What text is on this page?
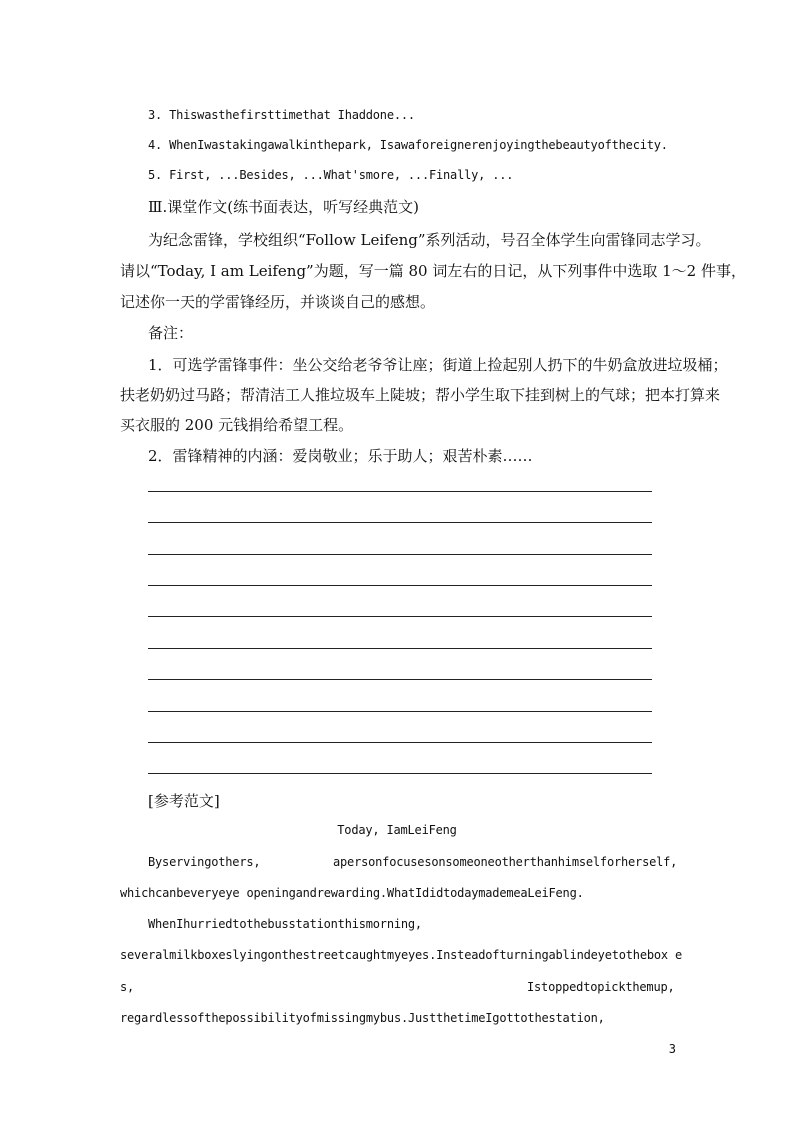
3. Thiswasthefirsttimethat Ihaddone...
4. WhenIwastakingawalkinthepark, Isawaforeignerenjoyingthebeautyofthecity.
5. First, ...Besides, ...What'smore, ...Finally, ...
Ⅲ.课堂作文(练书面表达，听写经典范文)
为纪念雷锋，学校组织“Follow Leifeng”系列活动，号召全体学生向雷锋同志学习。
请以“Today, I am Leifeng”为题，写一篇 80 词左右的日记，从下列事件中选取 1～2 件事，
记述你一天的学雷锋经历，并谈谈自己的感想。
备注：
1．可选学雷锋事件：坐公交给老爷爷让座；街道上捡起别人扔下的牛奶盒放进垃圾桶；
扶老奶奶过马路；帮清洁工人推垃圾车上陡坡；帮小学生取下挂到树上的气球；把本打算来
买衣服的 200 元钱捐给希望工程。
2．雷锋精神的内涵：爱岗敬业；乐于助人；艰苦朴素……
[参考范文]
Today, IamLeiFeng
Byservingothers,	apersonfocusesonsomeoneotherthanhimselforherself,
whichcanbeveryeye openingandrewarding.WhatIdidtodaymademeaLeiFeng.
WhenIhurriedtothebusstationthismorning,
severalmilkboxeslyingonthestreetcaughtmyeyes.Insteadofturningablindeyetothebox e
s,	Istoppedtopickthemup,
regardlessofthepossibilityofmissingmybus.JustthetimeIgottothestation,
3
